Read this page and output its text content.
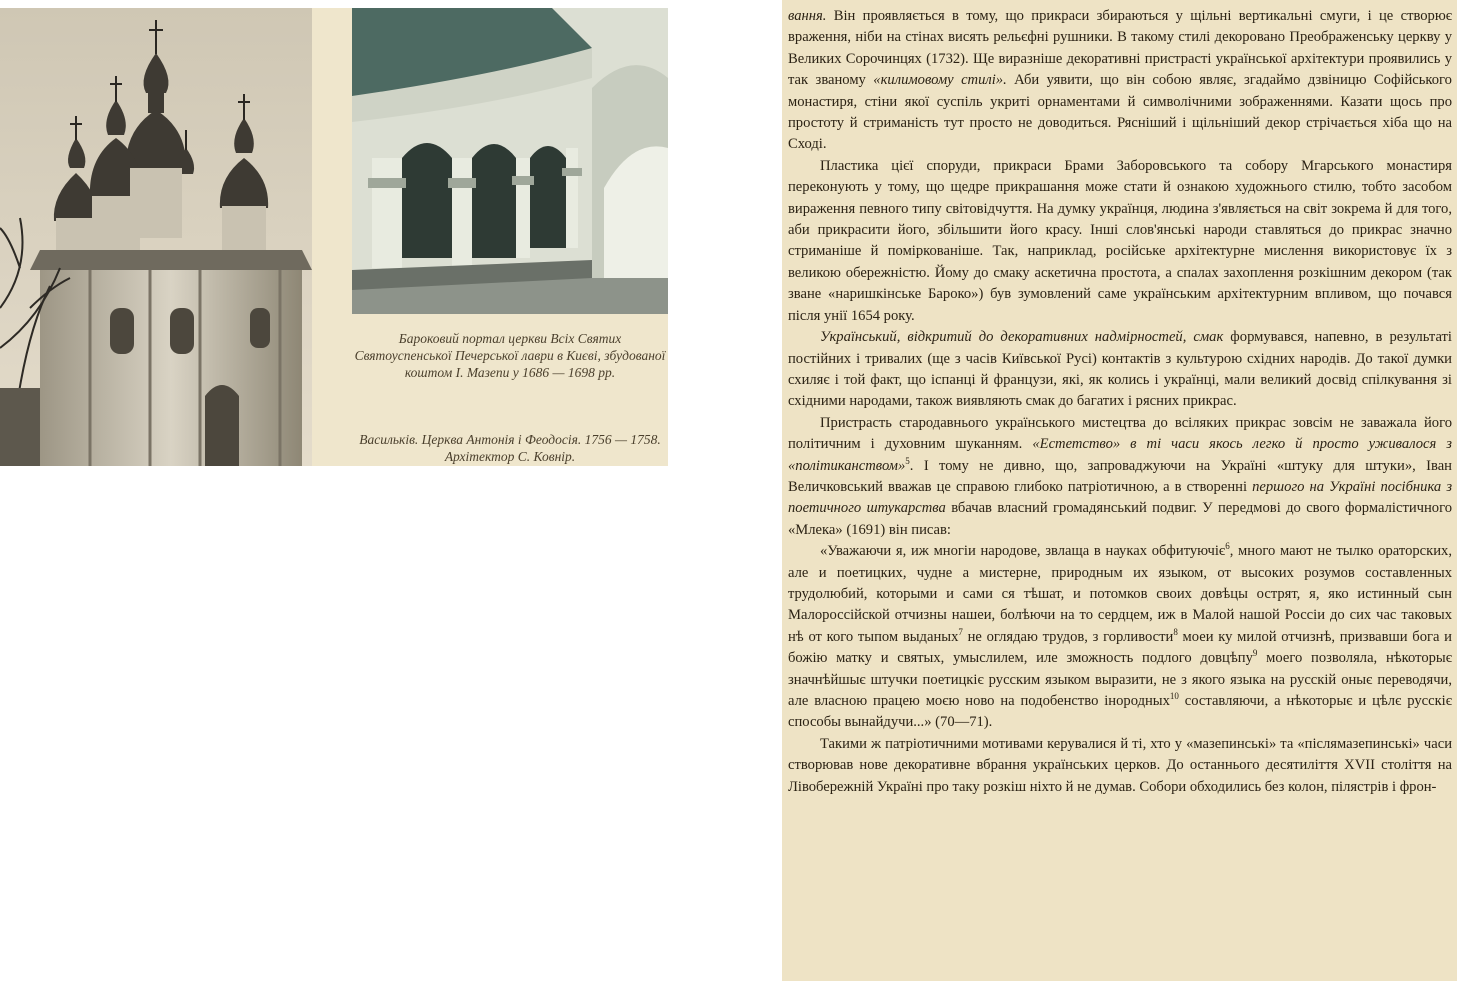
Бароковий портал церкви Всіх Святих Святоуспенської Печерської лаври в Києві, збудованої коштом І. Мазепи у 1686 — 1698 рр.
Васильків. Церква Антонія і Феодосія. 1756 — 1758. Архітектор С. Ковнір.

вання. Він проявляється в тому, що прикраси збираються у щільні вертикальні смуги, і це створює враження, ніби на стінах висять рельєфні рушники. В такому стилі декоровано Преображенську церкву у Великих Сорочинцях (1732). Ще виразніше декоративні пристрасті української архітектури проявились у так званому «килимовому стилі». Аби уявити, що він собою являє, згадаймо дзвіницю Софійського монастиря, стіни якої суспіль укриті орнаментами й символічними зображеннями. Казати щось про простоту й стриманість тут просто не доводиться. Рясніший і щільніший декор стрічається хіба що на Сході.

Пластика цієї споруди, прикраси Брами Заборовського та собору Мгарського монастиря переконують у тому, що щедре прикрашання може стати й ознакою художнього стилю, тобто засобом вираження певного типу світовідчуття. На думку українця, людина з'являється на світ зокрема й для того, аби прикрасити його, збільшити його красу. Інші слов'янські народи ставляться до прикрас значно стриманіше й поміркованіше. Так, наприклад, російське архітектурне мислення використовує їх з великою обережністю. Йому до смаку аскетична простота, а спалах захоплення розкішним декором (так зване «наришкінське Бароко») був зумовлений саме українським архітектурним впливом, що почався після унії 1654 року.

Український, відкритий до декоративних надмірностей, смак формувався, напевно, в результаті постійних і тривалих (ще з часів Київської Русі) контактів з культурою східних народів. До такої думки схиляє і той факт, що іспанці й французи, які, як колись і українці, мали великий досвід спілкування зі східними народами, також виявляють смак до багатих і рясних прикрас.

Пристрасть стародавнього українського мистецтва до всіляких прикрас зовсім не заважала його політичним і духовним шуканням. «Естетство» в ті часи якось легко й просто уживалося з «політиканством»$^5$. І тому не дивно, що, запроваджуючи на Україні «штуку для штуки», Іван Величковський вважав це справою глибоко патріотичною, а в створенні першого на Україні посібника з поетичного штукарства вбачав власний громадянський подвиг. У передмові до свого формалістичного «Млека» (1691) він писав:

«Уважаючи я, иж многіи народове, звлаща в науках обфитуючіє$^6$, много мают не тылко ораторских, але и поетицких, чудне а мистерне, природным их языком, от высоких розумов составленных трудолюбий, которыми и сами ся тѣшат, и потомков своих довѣцы острят, я, яко истинный сын Малороссійской отчизны нашеи, болѣючи на то сердцем, иж в Малой нашой Россіи до сих час таковых нѣ от кого тыпом выданых$^7$ не оглядаю трудов, з горливости$^8$ моеи ку милой отчизнѣ, призвавши бога и божію матку и святых, умыслилем, иле зможность подлого довцѣпу$^9$ моего позволяла, нѣкоторыє значнѣйшыє штучки поетицкіє русским языком выразити, не з якого языка на русскій оныє переводячи, але власною працею моєю ново на подобенство інородных$^{10}$ составляючи, а нѣкоторыє и цѣлє русскіє способы вынайдучи...» (70—71).

Такими ж патріотичними мотивами керувалися й ті, хто у «мазепинські» та «післямазепинські» часи створював нове декоративне вбрання українських церков. До останнього десятиліття XVII століття на Лівобережній Україні про таку розкіш ніхто й не думав. Собори обходились без колон, пілястрів і фрон-
